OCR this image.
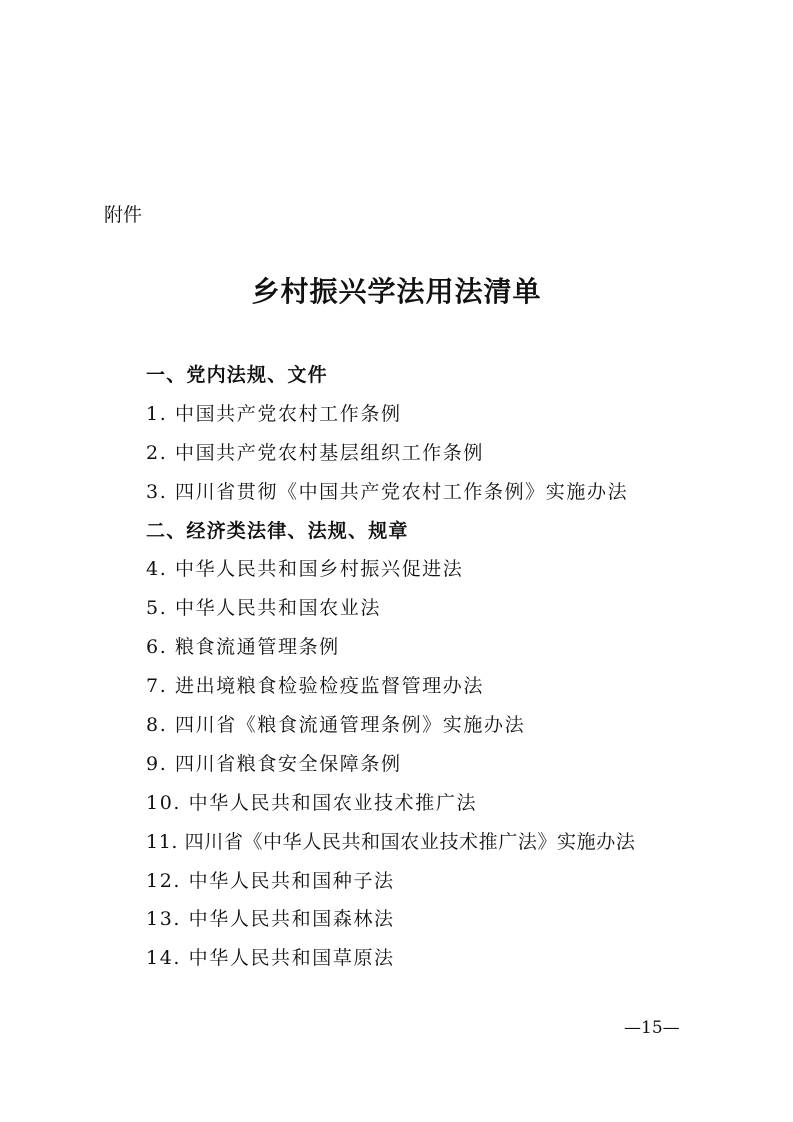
附件

乡村振兴学法用法清单
一、党内法规、文件
1. 中国共产党农村工作条例
2. 中国共产党农村基层组织工作条例
3. 四川省贯彻《中国共产党农村工作条例》实施办法
二、经济类法律、法规、规章
4. 中华人民共和国乡村振兴促进法
5. 中华人民共和国农业法
6. 粮食流通管理条例
7. 进出境粮食检验检疫监督管理办法
8. 四川省《粮食流通管理条例》实施办法
9. 四川省粮食安全保障条例
10. 中华人民共和国农业技术推广法
11. 四川省《中华人民共和国农业技术推广法》实施办法
12. 中华人民共和国种子法
13. 中华人民共和国森林法
14. 中华人民共和国草原法

—15—
